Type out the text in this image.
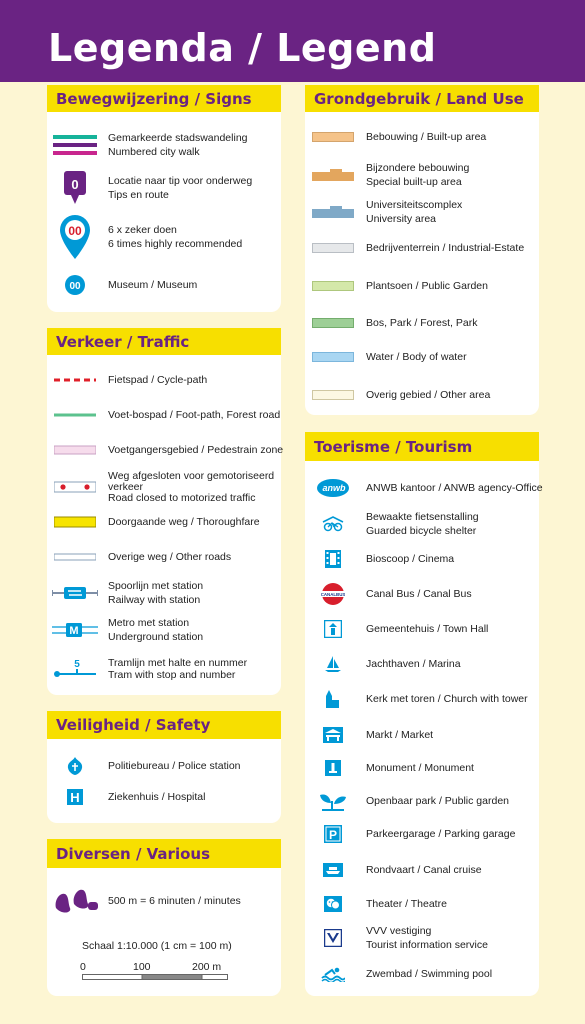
Legenda / Legend
Bewegwijzering / Signs
Verkeer / Traffic
Veiligheid / Safety
Diversen / Various
Grondgebruik / Land Use
Toerisme / Tourism
Gemarkeerde stadswandeling
Numbered city walk
0	Locatie naar tip voor onderweg
Tips en route
00	6 x zeker doen
6 times highly recommended
00	Museum / Museum
Fietspad / Cycle-path
Voet-bospad / Foot-path, Forest road
Voetgangersgebied / Pedestrain zone
Weg afgesloten voor gemotoriseerd
verkeer
Road closed to motorized traffic
Doorgaande weg / Thoroughfare
Overige weg / Other roads
Spoorlijn met station
Railway with station
M
Metro met station
Underground station
5	Tramlijn met halte en nummer
Tram with stop and number
Politiebureau / Police station
H	Ziekenhuis / Hospital
500 m = 6 minuten / minutes
Schaal 1:10.000 (1 cm = 100 m)
0	100	200 m
Bebouwing / Built-up area
Bijzondere bebouwing
Special built-up area
Universiteitscomplex
University area
Bedrijventerrein / Industrial-Estate
Plantsoen / Public Garden
Bos, Park / Forest, Park
Water / Body of water
Overig gebied / Other area
anwb ANWB kantoor / ANWB agency-Office
Bewaakte fietsenstalling
Guarded bicycle shelter
Bioscoop / Cinema
CANALBUS Canal Bus / Canal Bus
Gemeentehuis / Town Hall
Jachthaven / Marina
Kerk met toren / Church with tower
Markt / Market
Monument / Monument
Openbaar park / Public garden
P	Parkeergarage / Parking garage
Rondvaart / Canal cruise
Theater / Theatre
VVV vestiging
Tourist information service
Zwembad / Swimming pool
